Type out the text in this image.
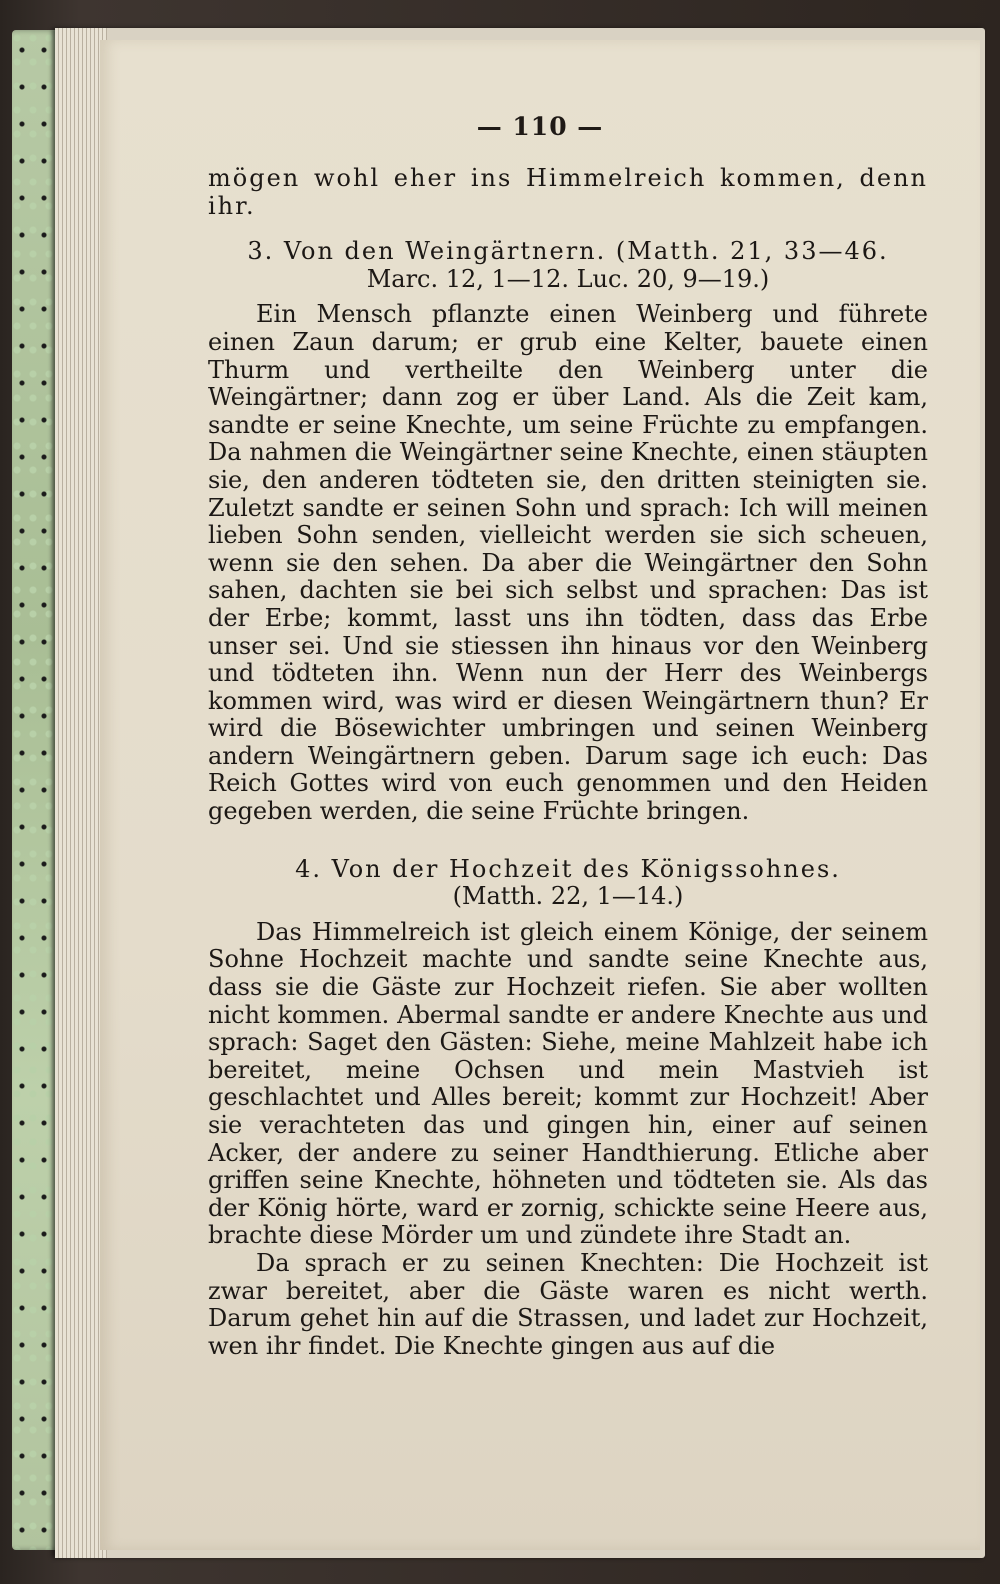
— 110 —

mögen wohl eher ins Himmelreich kommen, denn ihr.

3. Von den Weingärtnern. (Matth. 21, 33—46.
Marc. 12, 1—12. Luc. 20, 9—19.)

Ein Mensch pflanzte einen Weinberg und führete einen Zaun darum; er grub eine Kelter, bauete einen Thurm und vertheilte den Weinberg unter die Weingärtner; dann zog er über Land. Als die Zeit kam, sandte er seine Knechte, um seine Früchte zu empfangen. Da nahmen die Weingärtner seine Knechte, einen stäupten sie, den anderen tödteten sie, den dritten steinigten sie. Zuletzt sandte er seinen Sohn und sprach: Ich will meinen lieben Sohn senden, vielleicht werden sie sich scheuen, wenn sie den sehen. Da aber die Weingärtner den Sohn sahen, dachten sie bei sich selbst und sprachen: Das ist der Erbe; kommt, lasst uns ihn tödten, dass das Erbe unser sei. Und sie stiessen ihn hinaus vor den Weinberg und tödteten ihn. Wenn nun der Herr des Weinbergs kommen wird, was wird er diesen Weingärtnern thun? Er wird die Bösewichter umbringen und seinen Weinberg andern Weingärtnern geben. Darum sage ich euch: Das Reich Gottes wird von euch genommen und den Heiden gegeben werden, die seine Früchte bringen.

4. Von der Hochzeit des Königssohnes.
(Matth. 22, 1—14.)

Das Himmelreich ist gleich einem Könige, der seinem Sohne Hochzeit machte und sandte seine Knechte aus, dass sie die Gäste zur Hochzeit riefen. Sie aber wollten nicht kommen. Abermal sandte er andere Knechte aus und sprach: Saget den Gästen: Siehe, meine Mahlzeit habe ich bereitet, meine Ochsen und mein Mastvieh ist geschlachtet und Alles bereit; kommt zur Hochzeit! Aber sie verachteten das und gingen hin, einer auf seinen Acker, der andere zu seiner Handthierung. Etliche aber griffen seine Knechte, höhneten und tödteten sie. Als das der König hörte, ward er zornig, schickte seine Heere aus, brachte diese Mörder um und zündete ihre Stadt an.

Da sprach er zu seinen Knechten: Die Hochzeit ist zwar bereitet, aber die Gäste waren es nicht werth. Darum gehet hin auf die Strassen, und ladet zur Hochzeit, wen ihr findet. Die Knechte gingen aus auf die
